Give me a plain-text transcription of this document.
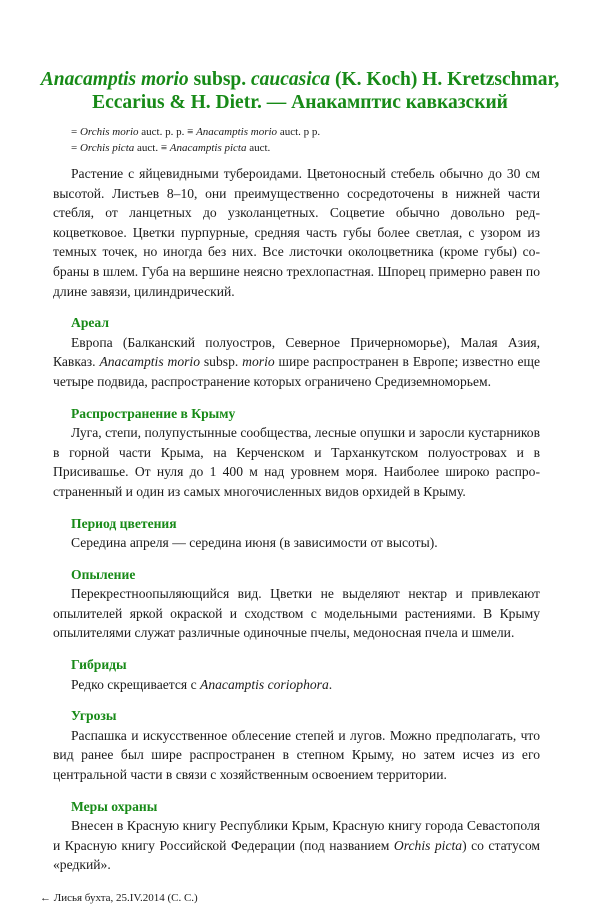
Anacamptis morio subsp. caucasica (K. Koch) H. Kretzschmar,
Eccarius & H. Dietr. — Анакамптис кавказский
= Orchis morio auct. p. p. ≡ Anacamptis morio auct. p p.
= Orchis picta auct. ≡ Anacamptis picta auct.

Растение с яйцевидными туберoидами. Цветоносный стебель обычно до 30 см высотой. Листьев 8–10, они преимущественно сосредоточены в нижней части стебля, от ланцетных до узколанцетных. Соцветие обычно довольно редкоцветковое. Цветки пурпурные, средняя часть губы более светлая, с узором из темных точек, но иногда без них. Все листочки околоцветника (кроме губы) собраны в шлем. Губа на вершине неясно трехлопастная. Шпорец примерно равен по длине завязи, цилиндрический.

Ареал

Европа (Балканский полуостров, Северное Причерноморье), Малая Азия, Кавказ. Anacamptis morio subsp. morio шире распространен в Европе; известно еще четыре подвида, распространение которых ограничено Средиземноморьем.

Распространение в Крыму

Луга, степи, полупустынные сообщества, лесные опушки и заросли кустарников в горной части Крыма, на Керченском и Тарханкутском полуостровах и в Присивашье. От нуля до 1 400 м над уровнем моря. Наиболее широко распространенный и один из самых многочисленных видов орхидей в Крыму.

Период цветения

Середина апреля — середина июня (в зависимости от высоты).

Опыление

Перекрестноопыляющийся вид. Цветки не выделяют нектар и привлекают опылителей яркой окраской и сходством с модельными растениями. В Крыму опылителями служат различные одиночные пчелы, медоносная пчела и шмели.

Гибриды

Редко скрещивается с Anacamptis coriophora.

Угрозы

Распашка и искусственное облесение степей и лугов. Можно предполагать, что вид ранее был шире распространен в степном Крыму, но затем исчез из его центральной части в связи с хозяйственным освоением территории.

Меры охраны

Внесен в Красную книгу Республики Крым, Красную книгу города Севастополя и Красную книгу Российской Федерации (под названием Orchis picta) со статусом «редкий».

← Лисья бухта, 25.IV.2014 (С. С.)
